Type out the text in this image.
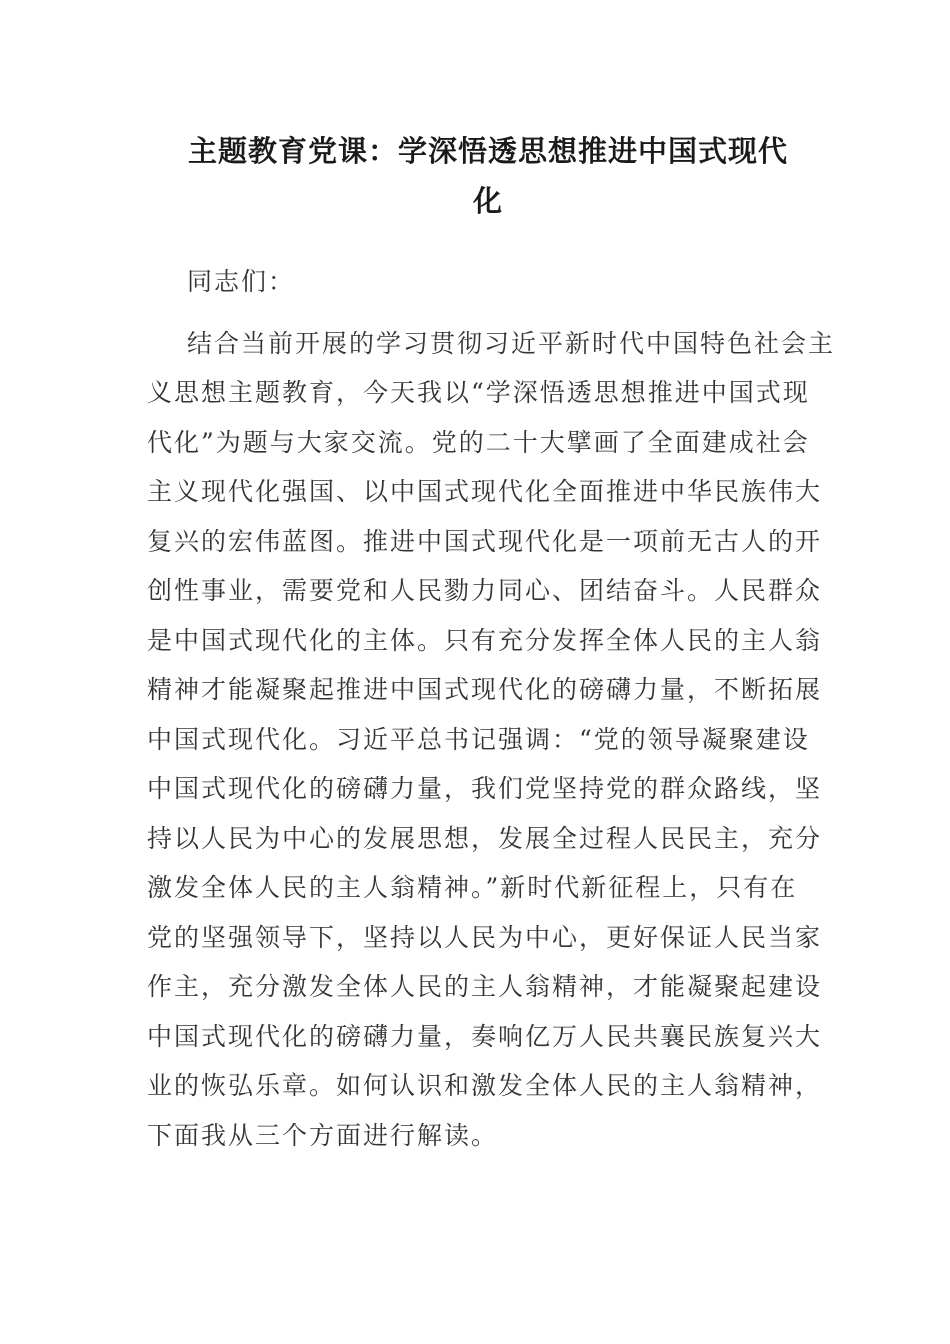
主题教育党课：学深悟透思想推进中国式现代
化
同志们：
结合当前开展的学习贯彻习近平新时代中国特色社会主
义思想主题教育，今天我以“学深悟透思想推进中国式现
代化”为题与大家交流。党的二十大擘画了全面建成社会
主义现代化强国、以中国式现代化全面推进中华民族伟大
复兴的宏伟蓝图。推进中国式现代化是一项前无古人的开
创性事业，需要党和人民勠力同心、团结奋斗。人民群众
是中国式现代化的主体。只有充分发挥全体人民的主人翁
精神才能凝聚起推进中国式现代化的磅礴力量，不断拓展
中国式现代化。习近平总书记强调：“党的领导凝聚建设
中国式现代化的磅礴力量，我们党坚持党的群众路线，坚
持以人民为中心的发展思想，发展全过程人民民主，充分
激发全体人民的主人翁精神。”新时代新征程上，只有在
党的坚强领导下，坚持以人民为中心，更好保证人民当家
作主，充分激发全体人民的主人翁精神，才能凝聚起建设
中国式现代化的磅礴力量，奏响亿万人民共襄民族复兴大
业的恢弘乐章。如何认识和激发全体人民的主人翁精神，
下面我从三个方面进行解读。
